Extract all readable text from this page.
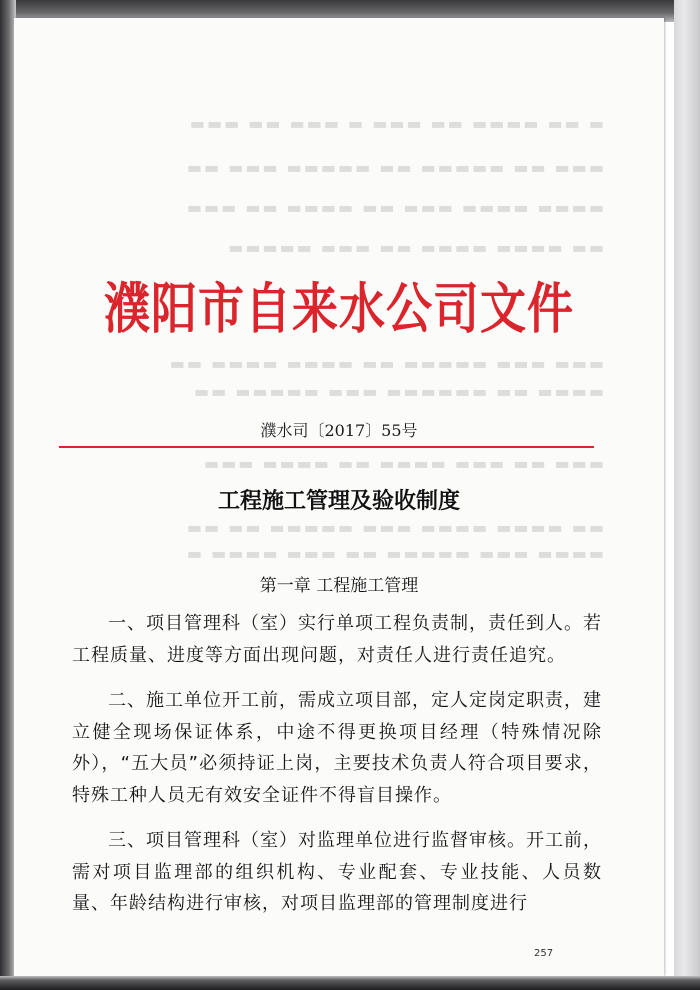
▬ ▬▬ ▬▬▬▬ ▬▬ ▬▬▬ ▬ ▬▬▬ ▬▬ ▬▬▬
▬▬▬ ▬▬ ▬▬▬▬▬ ▬▬ ▬▬▬▬▬ ▬▬▬ ▬▬
▬▬▬▬ ▬▬▬▬ ▬▬▬ ▬▬ ▬▬▬▬ ▬▬ ▬▬▬
▬▬ ▬▬▬▬ ▬▬▬▬ ▬▬ ▬▬▬ ▬▬▬▬▬
▬▬▬ ▬▬▬ ▬▬▬▬▬ ▬▬ ▬▬▬▬ ▬▬▬▬ ▬▬
▬▬▬▬ ▬▬ ▬▬▬▬▬▬ ▬▬▬ ▬▬▬▬▬ ▬▬
▬▬▬ ▬▬ ▬▬▬ ▬▬▬▬ ▬▬ ▬▬▬▬ ▬▬▬
▬▬ ▬▬▬▬ ▬▬▬▬ ▬▬▬ ▬▬▬▬▬ ▬▬ ▬▬
▬▬▬▬ ▬▬▬ ▬▬▬▬▬ ▬▬ ▬▬▬ ▬▬▬▬ ▬
濮阳市自来水公司文件
濮水司〔2017〕55号
工程施工管理及验收制度
第一章 工程施工管理

一、项目管理科（室）实行单项工程负责制，责任到人。若工程质量、进度等方面出现问题，对责任人进行责任追究。

二、施工单位开工前，需成立项目部，定人定岗定职责，建立健全现场保证体系，中途不得更换项目经理（特殊情况除外），“五大员”必须持证上岗，主要技术负责人符合项目要求，特殊工种人员无有效安全证件不得盲目操作。

三、项目管理科（室）对监理单位进行监督审核。开工前，需对项目监理部的组织机构、专业配套、专业技能、人员数量、年龄结构进行审核，对项目监理部的管理制度进行

257
